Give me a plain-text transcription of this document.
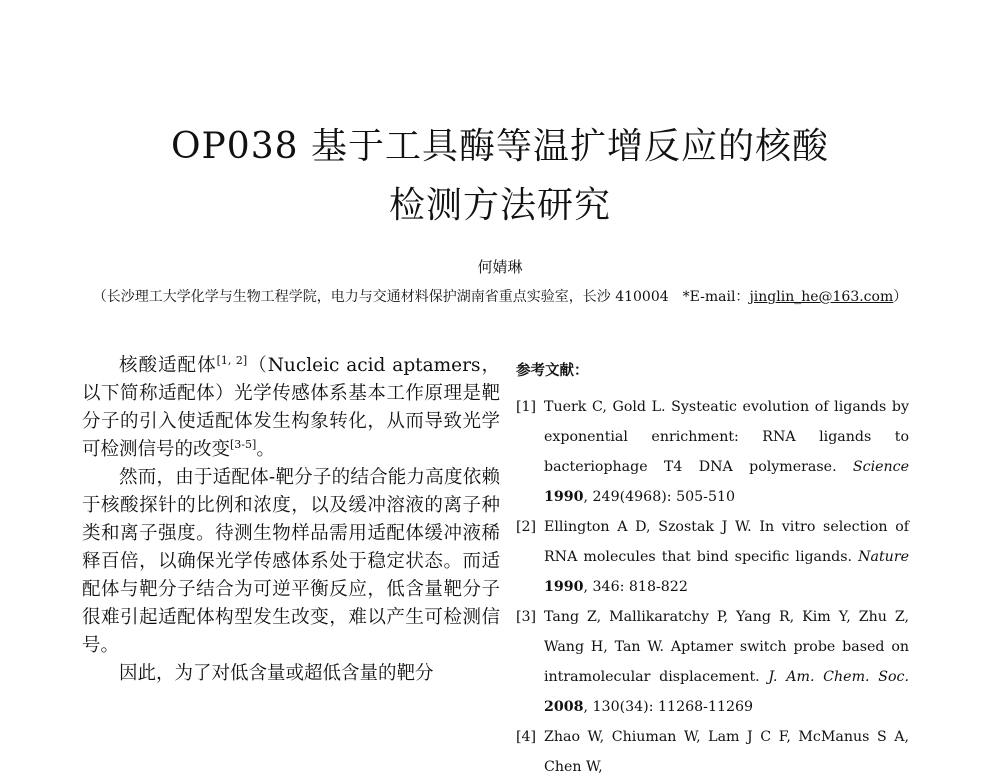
OP038 基于工具酶等温扩增反应的核酸
检测方法研究
何婧琳
（长沙理工大学化学与生物工程学院，电力与交通材料保护湖南省重点实验室，长沙 410004　*E-mail：jinglin_he@163.com）

核酸适配体[1, 2]（Nucleic acid aptamers，以下简称适配体）光学传感体系基本工作原理是靶分子的引入使适配体发生构象转化，从而导致光学可检测信号的改变[3-5]。

然而，由于适配体-靶分子的结合能力高度依赖于核酸探针的比例和浓度，以及缓冲溶液的离子种类和离子强度。待测生物样品需用适配体缓冲液稀释百倍，以确保光学传感体系处于稳定状态。而适配体与靶分子结合为可逆平衡反应，低含量靶分子很难引起适配体构型发生改变，难以产生可检测信号。

因此，为了对低含量或超低含量的靶分

参考文献：
[1] Tuerk C, Gold L. Systeatic evolution of ligands by exponential enrichment: RNA ligands to bacteriophage T4 DNA polymerase. Science 1990, 249(4968): 505-510
[2] Ellington A D, Szostak J W. In vitro selection of RNA molecules that bind specific ligands. Nature 1990, 346: 818-822
[3] Tang Z, Mallikaratchy P, Yang R, Kim Y, Zhu Z, Wang H, Tan W. Aptamer switch probe based on intramolecular displacement. J. Am. Chem. Soc. 2008, 130(34): 11268-11269
[4] Zhao W, Chiuman W, Lam J C F, McManus S A, Chen W,
